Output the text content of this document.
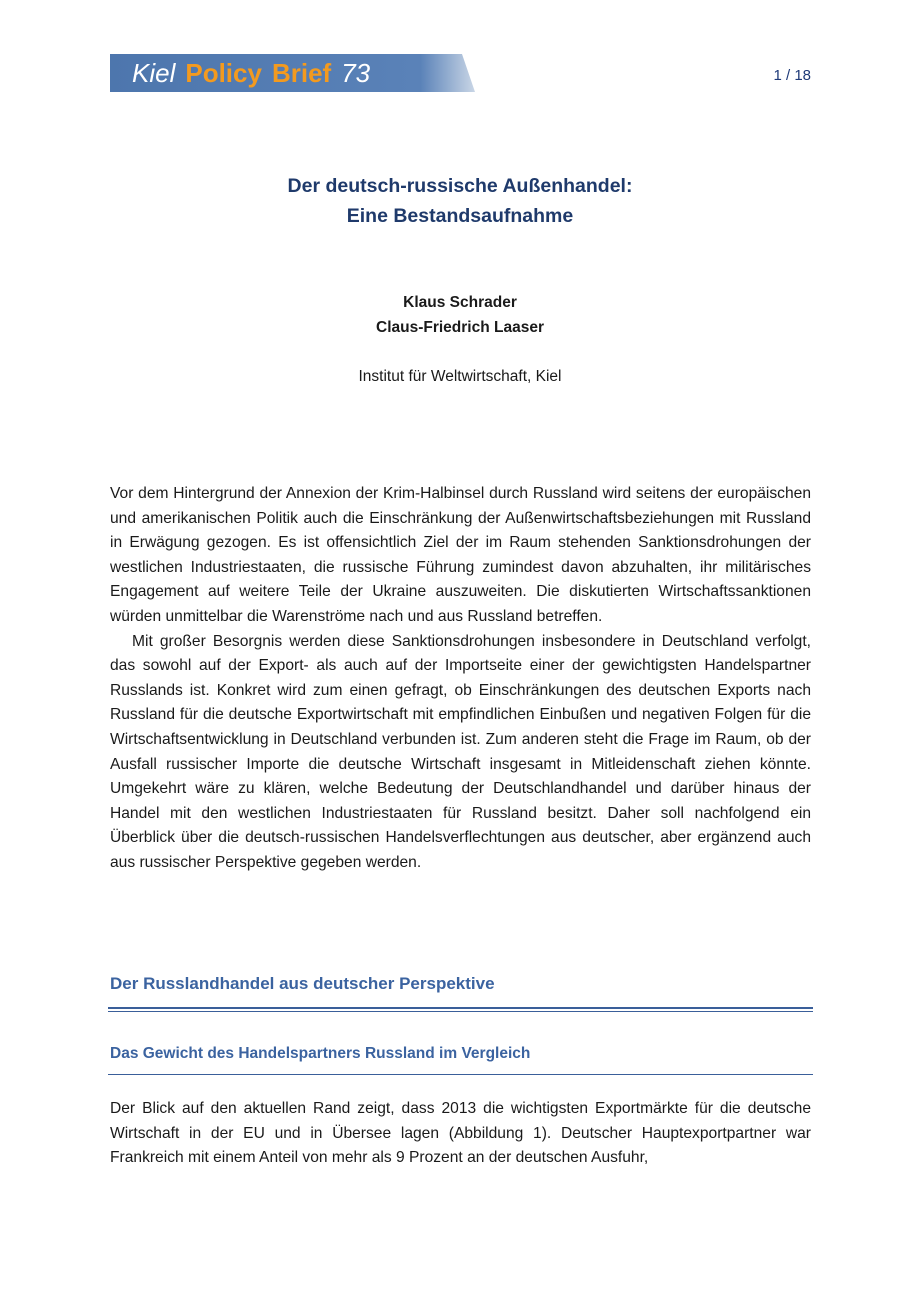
Kiel Policy Brief 73	1 / 18
Der deutsch-russische Außenhandel:
Eine Bestandsaufnahme
Klaus Schrader
Claus-Friedrich Laaser
Institut für Weltwirtschaft, Kiel

Vor dem Hintergrund der Annexion der Krim-Halbinsel durch Russland wird seitens der europäischen und amerikanischen Politik auch die Einschränkung der Außenwirtschaftsbeziehungen mit Russland in Erwägung gezogen. Es ist offensichtlich Ziel der im Raum stehenden Sanktionsdrohungen der westlichen Industriestaaten, die russische Führung zumindest davon abzuhalten, ihr militärisches Engagement auf weitere Teile der Ukraine auszuweiten. Die diskutierten Wirtschaftssanktionen würden unmittelbar die Warenströme nach und aus Russland betreffen.

Mit großer Besorgnis werden diese Sanktionsdrohungen insbesondere in Deutschland verfolgt, das sowohl auf der Export- als auch auf der Importseite einer der gewichtigsten Handelspartner Russlands ist. Konkret wird zum einen gefragt, ob Einschränkungen des deutschen Exports nach Russland für die deutsche Exportwirtschaft mit empfindlichen Einbußen und negativen Folgen für die Wirtschaftsentwicklung in Deutschland verbunden ist. Zum anderen steht die Frage im Raum, ob der Ausfall russischer Importe die deutsche Wirtschaft insgesamt in Mitleidenschaft ziehen könnte. Umgekehrt wäre zu klären, welche Bedeutung der Deutschlandhandel und darüber hinaus der Handel mit den westlichen Industriestaaten für Russland besitzt. Daher soll nachfolgend ein Überblick über die deutsch-russischen Handelsverflechtungen aus deutscher, aber ergänzend auch aus russischer Perspektive gegeben werden.

Der Russlandhandel aus deutscher Perspektive
Das Gewicht des Handelspartners Russland im Vergleich

Der Blick auf den aktuellen Rand zeigt, dass 2013 die wichtigsten Exportmärkte für die deutsche Wirtschaft in der EU und in Übersee lagen (Abbildung 1). Deutscher Hauptexportpartner war Frankreich mit einem Anteil von mehr als 9 Prozent an der deutschen Ausfuhr,
